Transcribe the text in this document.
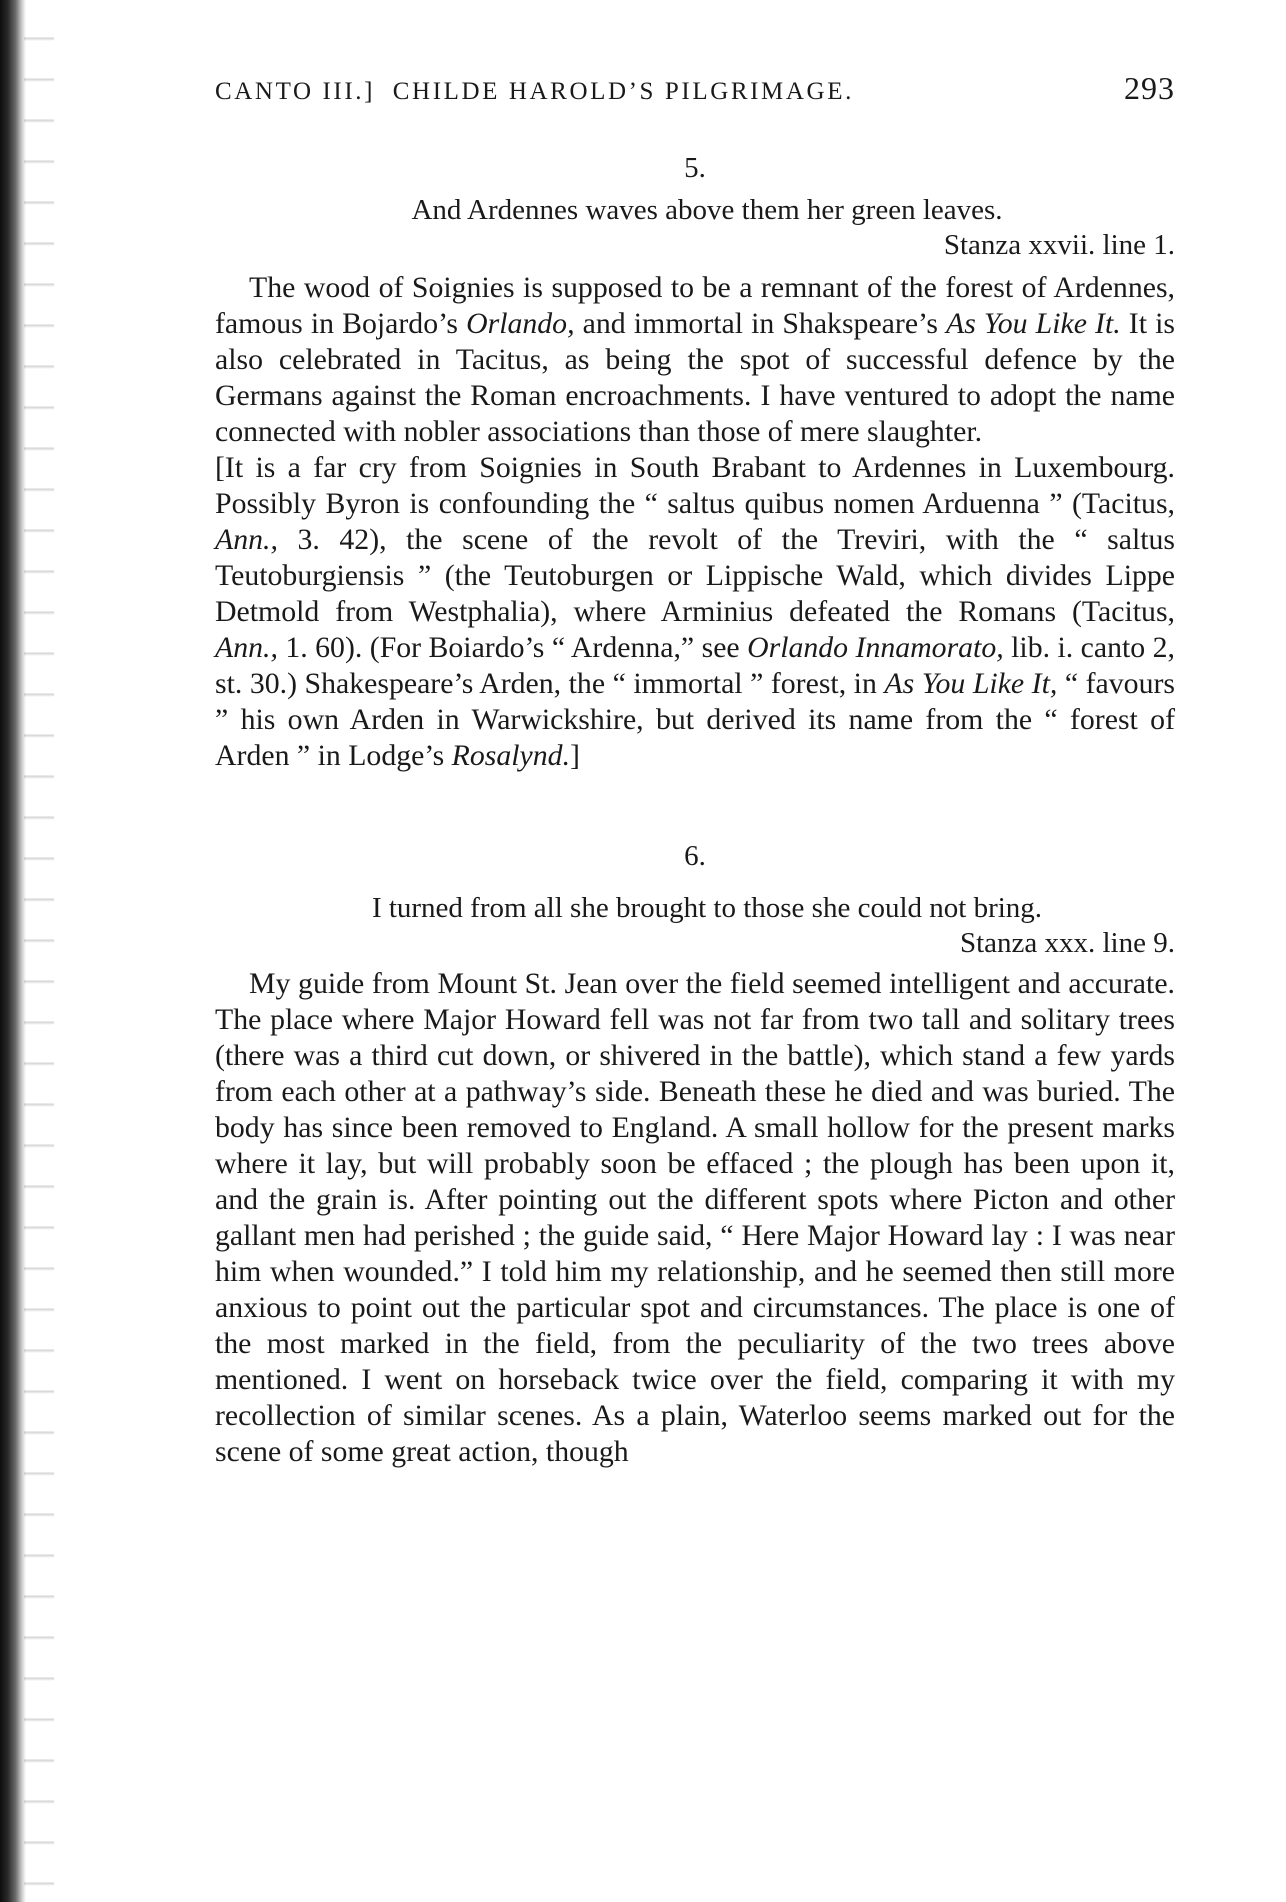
CANTO III.] CHILDE HAROLD’S PILGRIMAGE.	293
5.
And Ardennes waves above them her green leaves.
Stanza xxvii. line 1.

The wood of Soignies is supposed to be a remnant of the forest of Ardennes, famous in Bojardo’s Orlando, and immortal in Shakspeare’s As You Like It. It is also celebrated in Tacitus, as being the spot of successful defence by the Germans against the Roman encroachments. I have ventured to adopt the name connected with nobler associations than those of mere slaughter.

[It is a far cry from Soignies in South Brabant to Ardennes in Luxembourg. Possibly Byron is confounding the “ saltus quibus nomen Arduenna ” (Tacitus, Ann., 3. 42), the scene of the revolt of the Treviri, with the “ saltus Teutoburgiensis ” (the Teutoburgen or Lippische Wald, which divides Lippe Detmold from Westphalia), where Arminius defeated the Romans (Tacitus, Ann., 1. 60). (For Boiardo’s “ Ardenna,” see Orlando Innamorato, lib. i. canto 2, st. 30.) Shakespeare’s Arden, the “ immortal ” forest, in As You Like It, “ favours ” his own Arden in Warwickshire, but derived its name from the “ forest of Arden ” in Lodge’s Rosalynd.]

6.
I turned from all she brought to those she could not bring.
Stanza xxx. line 9.

My guide from Mount St. Jean over the field seemed intelligent and accurate. The place where Major Howard fell was not far from two tall and solitary trees (there was a third cut down, or shivered in the battle), which stand a few yards from each other at a pathway’s side. Beneath these he died and was buried. The body has since been removed to England. A small hollow for the present marks where it lay, but will probably soon be effaced ; the plough has been upon it, and the grain is. After pointing out the different spots where Picton and other gallant men had perished ; the guide said, “ Here Major Howard lay : I was near him when wounded.” I told him my relationship, and he seemed then still more anxious to point out the particular spot and circumstances. The place is one of the most marked in the field, from the peculiarity of the two trees above mentioned. I went on horseback twice over the field, comparing it with my recollection of similar scenes. As a plain, Waterloo seems marked out for the scene of some great action, though
